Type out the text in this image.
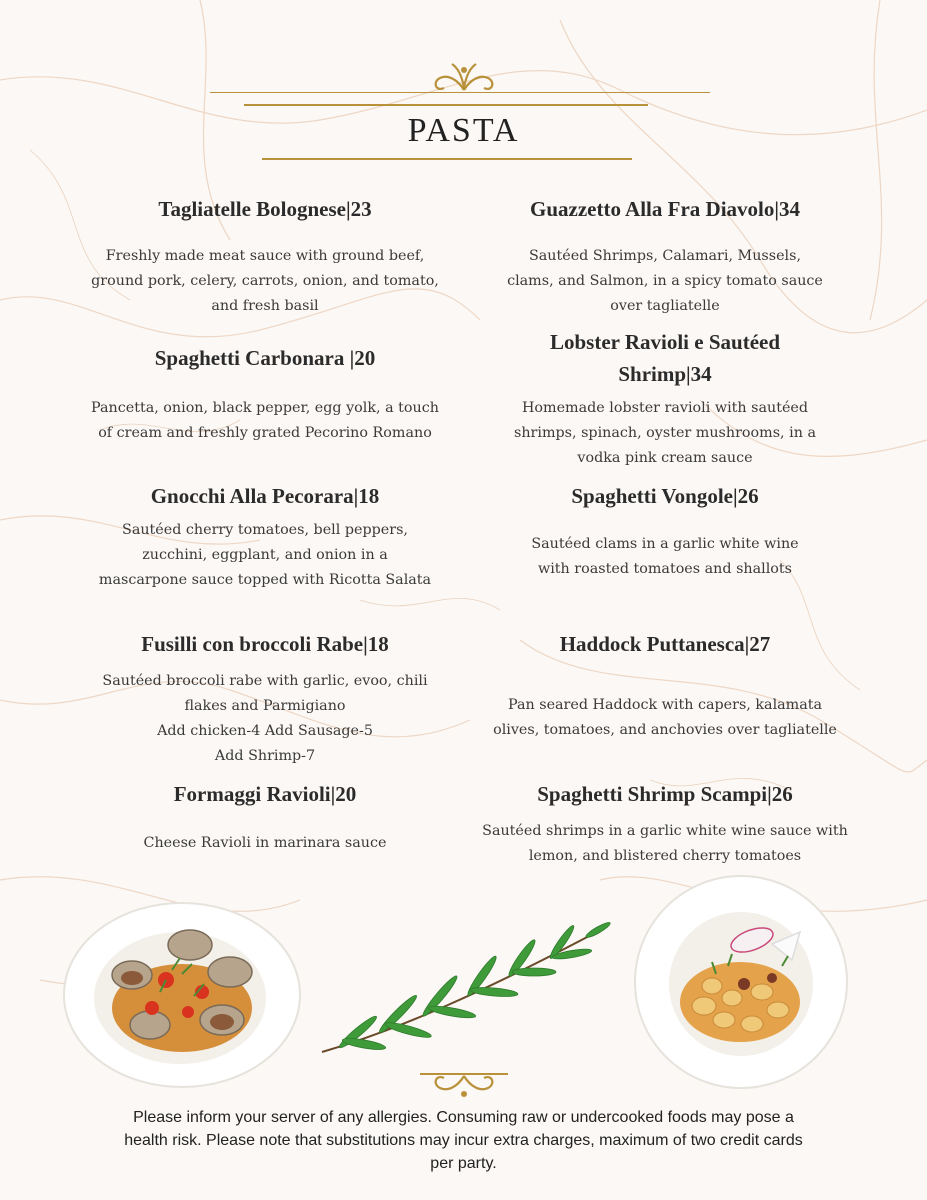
PASTA
Tagliatelle Bolognese|23
Freshly made meat sauce with ground beef,
ground pork, celery, carrots, onion, and tomato,
and fresh basil
Spaghetti Carbonara |20
Pancetta, onion, black pepper, egg yolk, a touch
of cream and freshly grated Pecorino Romano
Gnocchi Alla Pecorara|18
Sautéed cherry tomatoes, bell peppers,
zucchini, eggplant, and onion in a
mascarpone sauce topped with Ricotta Salata
Fusilli con broccoli Rabe|18
Sautéed broccoli rabe with garlic, evoo, chili
flakes and Parmigiano
Add chicken-4 Add Sausage-5
Add Shrimp-7
Formaggi Ravioli|20
Cheese Ravioli in marinara sauce
Guazzetto Alla Fra Diavolo|34
Sautéed Shrimps, Calamari, Mussels,
clams, and Salmon, in a spicy tomato sauce
over tagliatelle
Lobster Ravioli e Sautéed
Shrimp|34
Homemade lobster ravioli with sautéed
shrimps, spinach, oyster mushrooms, in a
vodka pink cream sauce
Spaghetti Vongole|26
Sautéed clams in a garlic white wine
with roasted tomatoes and shallots
Haddock Puttanesca|27
Pan seared Haddock with capers, kalamata
olives, tomatoes, and anchovies over tagliatelle
Spaghetti Shrimp Scampi|26
Sautéed shrimps in a garlic white wine sauce with
lemon, and blistered cherry tomatoes
Please inform your server of any allergies. Consuming raw or undercooked foods may pose a
health risk. Please note that substitutions may incur extra charges, maximum of two credit cards
per party.
